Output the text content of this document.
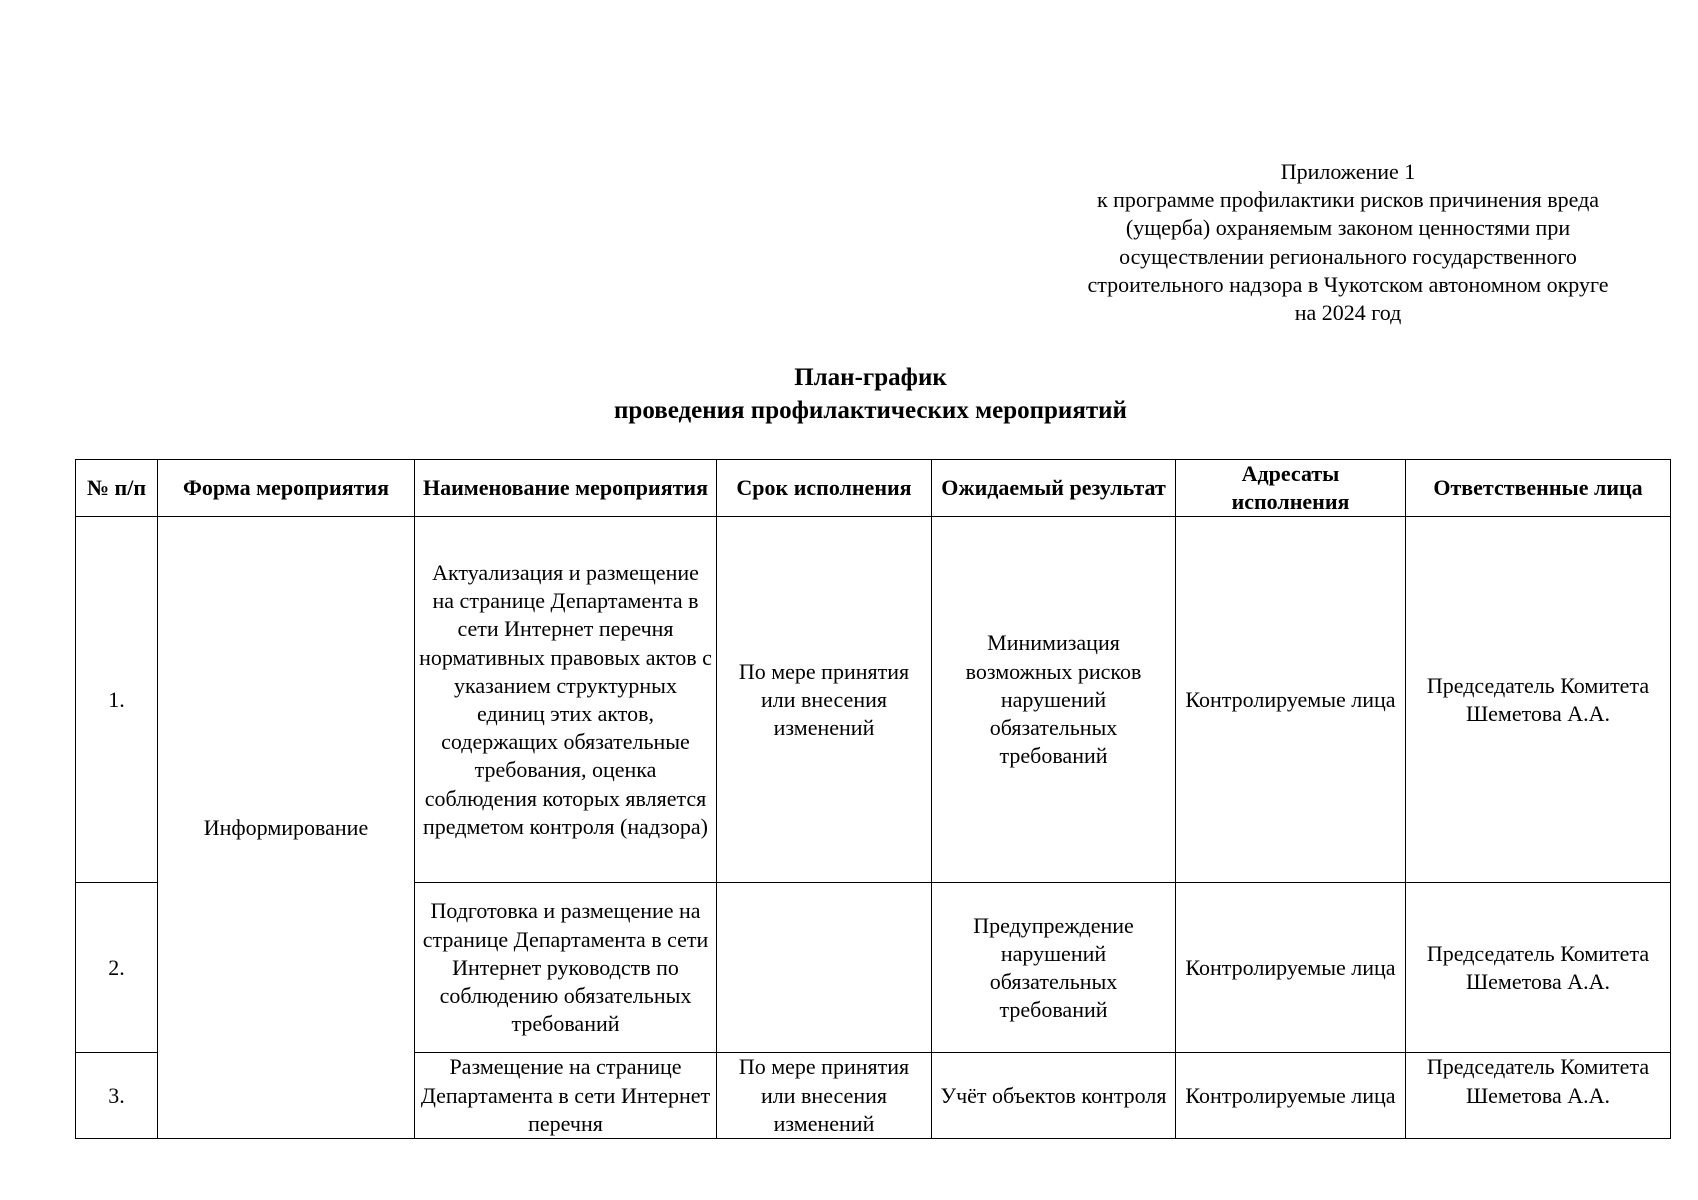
Приложение 1
к программе профилактики рисков причинения вреда
(ущерба) охраняемым законом ценностями при
осуществлении регионального государственного
строительного надзора в Чукотском автономном округе
на 2024 год
План-график
проведения профилактических мероприятий
№ п/п	Форма мероприятия	Наименование мероприятия	Срок исполнения	Ожидаемый результат	Адресаты исполнения	Ответственные лица
1.	Информирование	Актуализация и размещение на странице Департамента в сети Интернет перечня нормативных правовых актов с указанием структурных единиц этих актов, содержащих обязательные требования, оценка соблюдения которых является предметом контроля (надзора)	По мере принятия или внесения изменений	Минимизация возможных рисков нарушений обязательных требований	Контролируемые лица	Председатель Комитета Шеметова А.А.
2.		Подготовка и размещение на странице Департамента в сети Интернет руководств по соблюдению обязательных требований		Предупреждение нарушений обязательных требований	Контролируемые лица	Председатель Комитета Шеметова А.А.
3.		Размещение на странице Департамента в сети Интернет перечня	По мере принятия или внесения изменений	Учёт объектов контроля	Контролируемые лица	Председатель Комитета Шеметова А.А.
